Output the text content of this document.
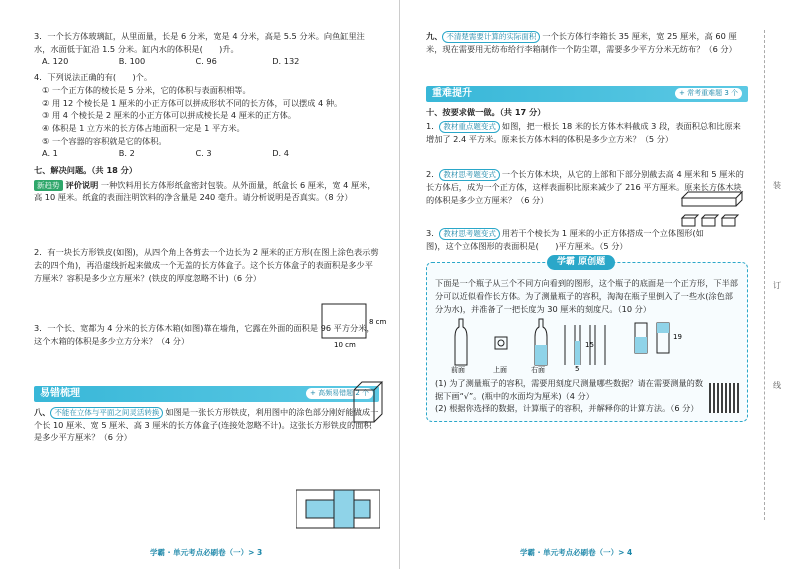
3．一个长方体玻璃缸，从里面量，长是 6 分米，宽是 4 分米，高是 5.5 分米。向鱼缸里注水，水面低于缸沿 1.5 分米。缸内水的体积是(　　)升。
A. 120	B. 100	C. 96	D. 132
4．下列说法正确的有(　　)个。
① 一个正方体的棱长是 5 分米，它的体积与表面积相等。
② 用 12 个棱长是 1 厘米的小正方体可以拼成形状不同的长方体，可以摆成 4 种。
③ 用 4 个棱长是 2 厘米的小正方体可以拼成棱长是 4 厘米的正方体。
④ 体积是 1 立方米的长方体占地面积一定是 1 平方米。
⑤ 一个容器的容积就是它的体积。
A. 1	B. 2	C. 3	D. 4
七、解决问题。（共 18 分）
新趋势 评价说明 一种饮料用长方体形纸盒密封包装。从外面量，纸盒长 6 厘米，宽 4 厘米，高 10 厘米。纸盒的表面注明饮料的净含量是 240 毫升。请分析说明是否真实。（8 分）
2．有一块长方形铁皮(如图)，从四个角上各剪去一个边长为 2 厘米的正方形(在图上涂色表示剪去的四个角)，再沿虚线折起来做成一个无盖的长方体盒子。这个长方体盒子的表面积是多少平方厘米？容积是多少立方厘米？(铁皮的厚度忽略不计)（6 分）
8 cm
10 cm
3．一个长、宽都为 4 分米的长方体木箱(如图)靠在墙角，它露在外面的面积是 96 平方分米，这个木箱的体积是多少立方分米？（4 分）
易错梳理	+ 高频易错题 2 个
八、 不能在立体与平面之间灵活转换 如图是一张长方形铁皮，利用图中的涂色部分刚好能做成一个长 10 厘米、宽 5 厘米、高 3 厘米的长方体盒子(连接处忽略不计)。这张长方形铁皮的面积是多少平方厘米？（6 分）
学霸 · 单元考点必刷卷（一）> 3
九、 不清楚需要计算的实际面积 一个长方体行李箱长 35 厘米，宽 25 厘米，高 60 厘米，现在需要用无纺布给行李箱制作一个防尘罩，需要多少平方分米无纺布？（6 分）
重难提升	+ 常考重难题 3 个
十、按要求做一做。（共 17 分）
1． 教材重点题变式 如图，把一根长 18 米的长方体木料截成 3 段，表面积总和比原来增加了 2.4 平方米。原来长方体木料的体积是多少立方米？（5 分）
2． 教材思考题变式 一个长方体木块，从它的上部和下部分别截去高 4 厘米和 5 厘米的长方体后，成为一个正方体，这样表面积比原来减少了 216 平方厘米。原来长方体木块的体积是多少立方厘米？（6 分）
3． 教材思考题变式 用若干个棱长为 1 厘米的小正方体搭成一个立体图形(如图)，这个立体图形的表面积是(　　)平方厘米。（5 分）
学霸 原创题
下面是一个瓶子从三个不同方向看到的图形，这个瓶子的底面是一个正方形，下半部分可以近似看作长方体。为了测量瓶子的容积，淘淘在瓶子里倒入了一些水(涂色部分为水)，并准备了一把长度为 30 厘米的刻度尺。（10 分）
前面	上面	右面
15
5
19
(1) 为了测量瓶子的容积，需要用刻度尺测量哪些数据？请在需要测量的数据下画“√”。(瓶中的水面均为厘米)（4 分）
(2) 根据你选择的数据，计算瓶子的容积，并解释你的计算方法。（6 分）
装
订
线
学霸 · 单元考点必刷卷（一）> 4
